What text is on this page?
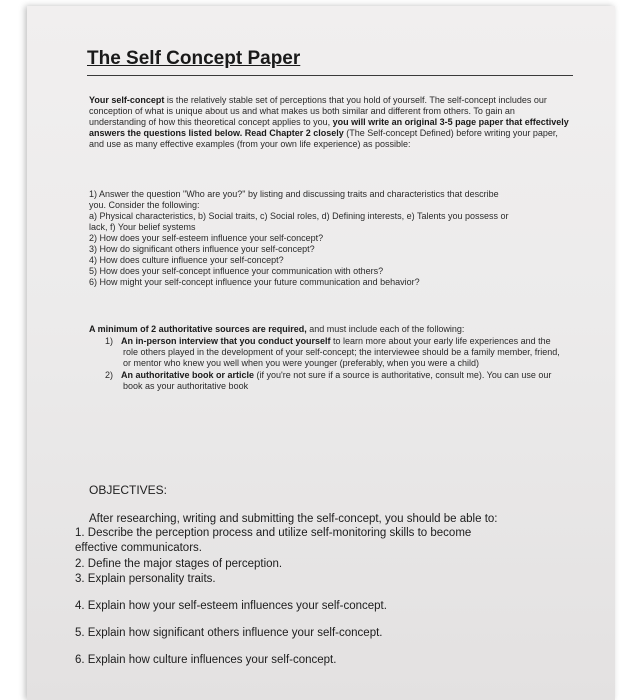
The Self Concept Paper
Your self-concept is the relatively stable set of perceptions that you hold of yourself. The self-concept includes our conception of what is unique about us and what makes us both similar and different from others. To gain an understanding of how this theoretical concept applies to you, you will write an original 3-5 page paper that effectively answers the questions listed below. Read Chapter 2 closely (The Self-concept Defined) before writing your paper, and use as many effective examples (from your own life experience) as possible:
1) Answer the question "Who are you?" by listing and discussing traits and characteristics that describe
you. Consider the following:
a) Physical characteristics, b) Social traits, c) Social roles, d) Defining interests, e) Talents you possess or
lack, f) Your belief systems
2) How does your self-esteem influence your self-concept?
3) How do significant others influence your self-concept?
4) How does culture influence your self-concept?
5) How does your self-concept influence your communication with others?
6) How might your self-concept influence your future communication and behavior?
A minimum of 2 authoritative sources are required, and must include each of the following:
1) An in-person interview that you conduct yourself to learn more about your early life experiences and the role others played in the development of your self-concept; the interviewee should be a family member, friend, or mentor who knew you well when you were younger (preferably, when you were a child)
2) An authoritative book or article (if you're not sure if a source is authoritative, consult me). You can use our book as your authoritative book
OBJECTIVES:
After researching, writing and submitting the self-concept, you should be able to:
1. Describe the perception process and utilize self-monitoring skills to become
effective communicators.
2. Define the major stages of perception.
3. Explain personality traits.
4. Explain how your self-esteem influences your self-concept.
5. Explain how significant others influence your self-concept.
6. Explain how culture influences your self-concept.
